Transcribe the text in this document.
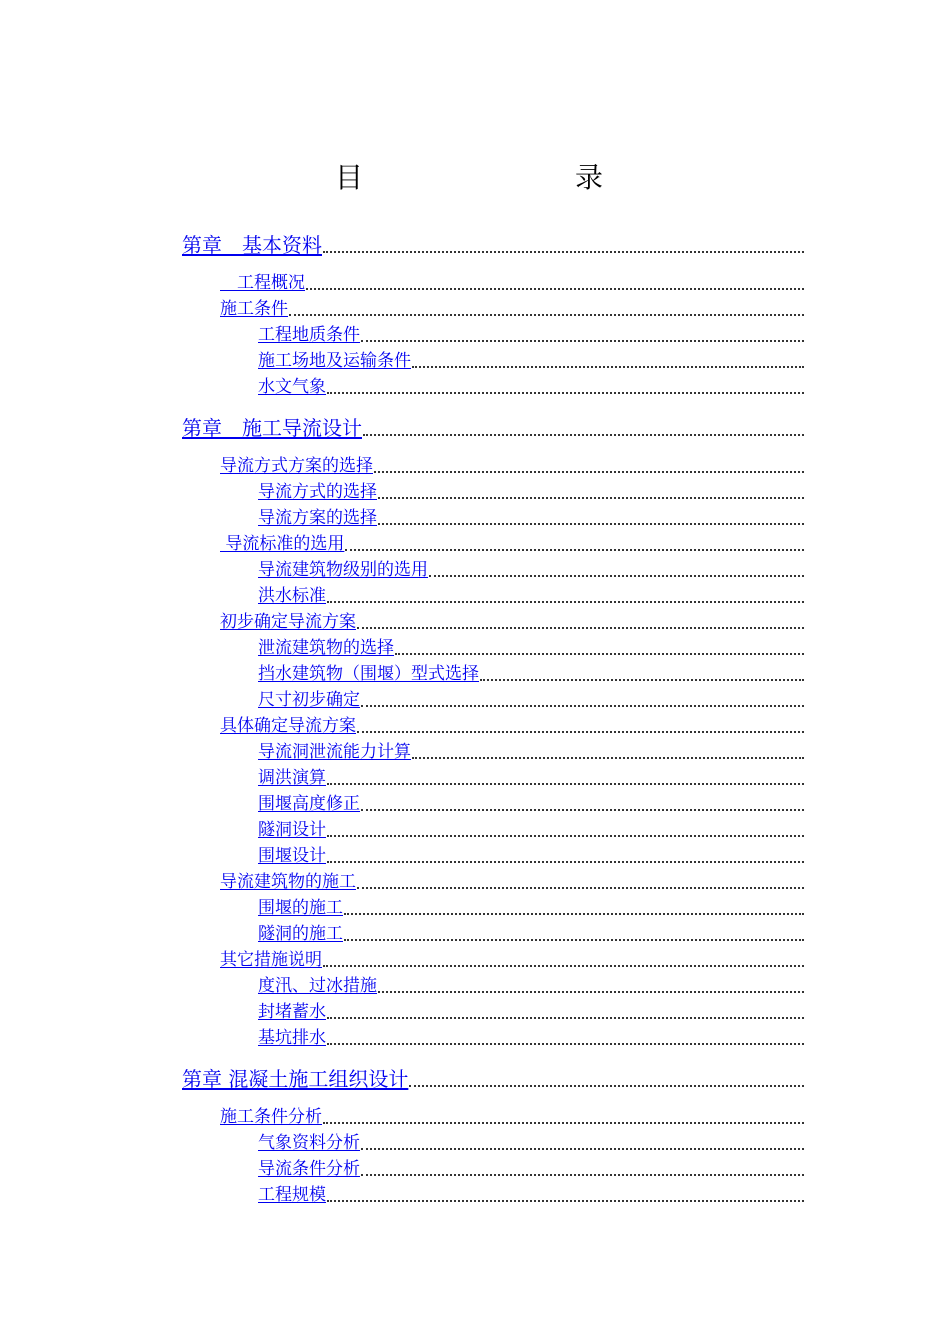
目　　录
第章　基本资料
　工程概况
施工条件
工程地质条件
施工场地及运输条件
水文气象
第章　施工导流设计
导流方式方案的选择
导流方式的选择
导流方案的选择
导流标准的选用
导流建筑物级别的选用
洪水标准
初步确定导流方案
泄流建筑物的选择
挡水建筑物（围堰）型式选择
尺寸初步确定
具体确定导流方案
导流洞泄流能力计算
调洪演算
围堰高度修正
隧洞设计
围堰设计
导流建筑物的施工
围堰的施工
隧洞的施工
其它措施说明
度汛、过冰措施
封堵蓄水
基坑排水
第章 混凝土施工组织设计
施工条件分析
气象资料分析
导流条件分析
工程规模
